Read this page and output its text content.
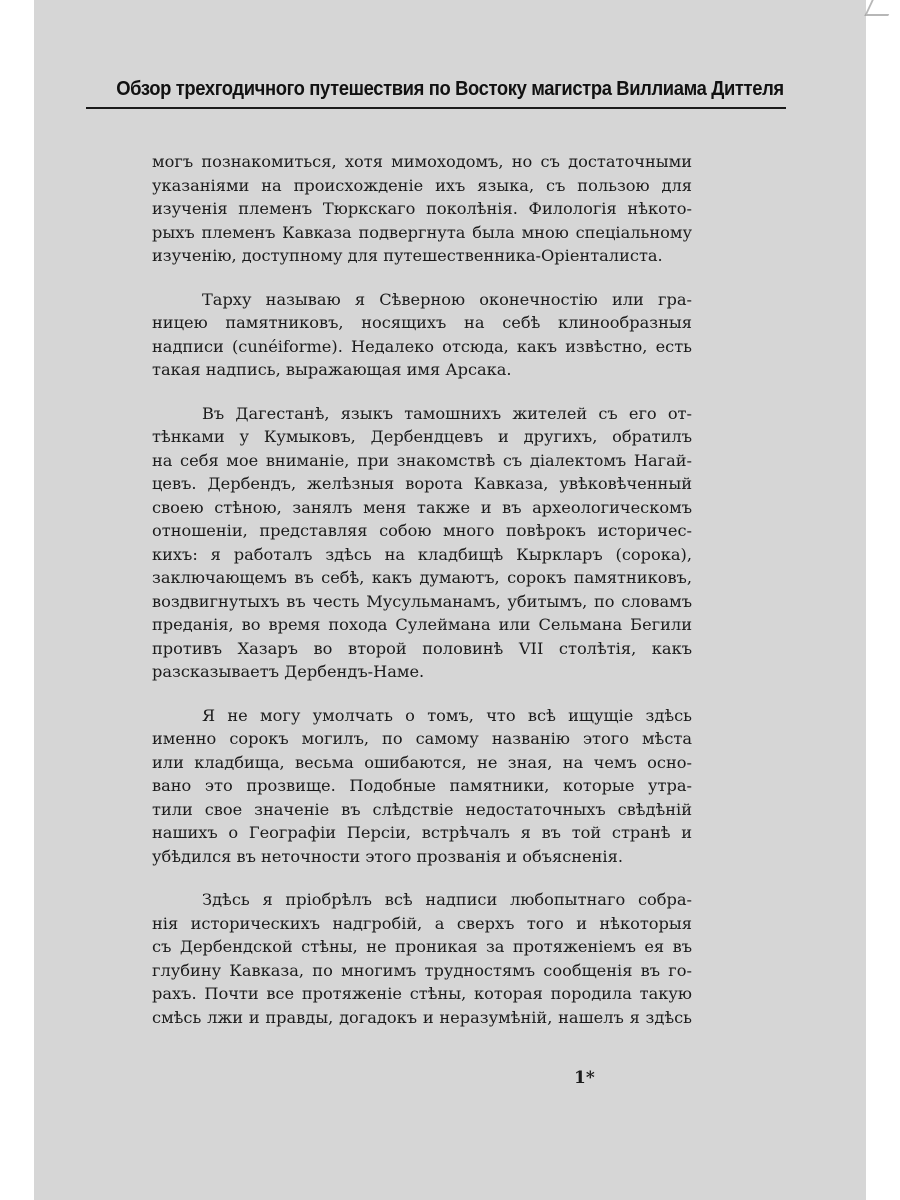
Обзор трехгодичного путешествия по Востоку магистра Виллиама Диттеля
могъ познакомиться, хотя мимоходомъ, но съ достаточными
указаніями на происхожденіе ихъ языка, съ пользою для
изученія племенъ Тюркскаго поколѣнія. Филологія нѣкото-
рыхъ племенъ Кавказа подвергнута была мною спеціальному
изученію, доступному для путешественника-Оріенталиста.
Тарху называю я Сѣверною оконечностію или гра-
ницею памятниковъ, носящихъ на себѣ клинообразныя
надписи (cunéiforme). Недалеко отсюда, какъ извѣстно, есть
такая надпись, выражающая имя Арсака.
Въ Дагестанѣ, языкъ тамошнихъ жителей съ его от-
тѣнками у Кумыковъ, Дербендцевъ и другихъ, обратилъ
на себя мое вниманіе, при знакомствѣ съ діалектомъ Нагай-
цевъ. Дербендъ, желѣзныя ворота Кавказа, увѣковѣченный
своею стѣною, занялъ меня также и въ археологическомъ
отношеніи, представляя собою много повѣрокъ историчес-
кихъ: я работалъ здѣсь на кладбищѣ Кыркларъ (сорока),
заключающемъ въ себѣ, какъ думаютъ, сорокъ памятниковъ,
воздвигнутыхъ въ честь Мусульманамъ, убитымъ, по словамъ
преданія, во время похода Сулеймана или Сельмана Бегили
противъ Хазаръ во второй половинѣ VII столѣтія, какъ
разсказываетъ Дербендъ-Наме.
Я не могу умолчать о томъ, что всѣ ищущіе здѣсь
именно сорокъ могилъ, по самому названію этого мѣста
или кладбища, весьма ошибаются, не зная, на чемъ осно-
вано это прозвище. Подобные памятники, которые утра-
тили свое значеніе въ слѣдствіе недостаточныхъ свѣдѣній
нашихъ о Географіи Персіи, встрѣчалъ я въ той странѣ и
убѣдился въ неточности этого прозванія и объясненія.
Здѣсь я пріобрѣлъ всѣ надписи любопытнаго собра-
нія историческихъ надгробій, а сверхъ того и нѣкоторыя
съ Дербендской стѣны, не проникая за протяженіемъ ея въ
глубину Кавказа, по многимъ трудностямъ сообщенія въ го-
рахъ. Почти все протяженіе стѣны, которая породила такую
смѣсь лжи и правды, догадокъ и неразумѣній, нашелъ я здѣсь
1*
